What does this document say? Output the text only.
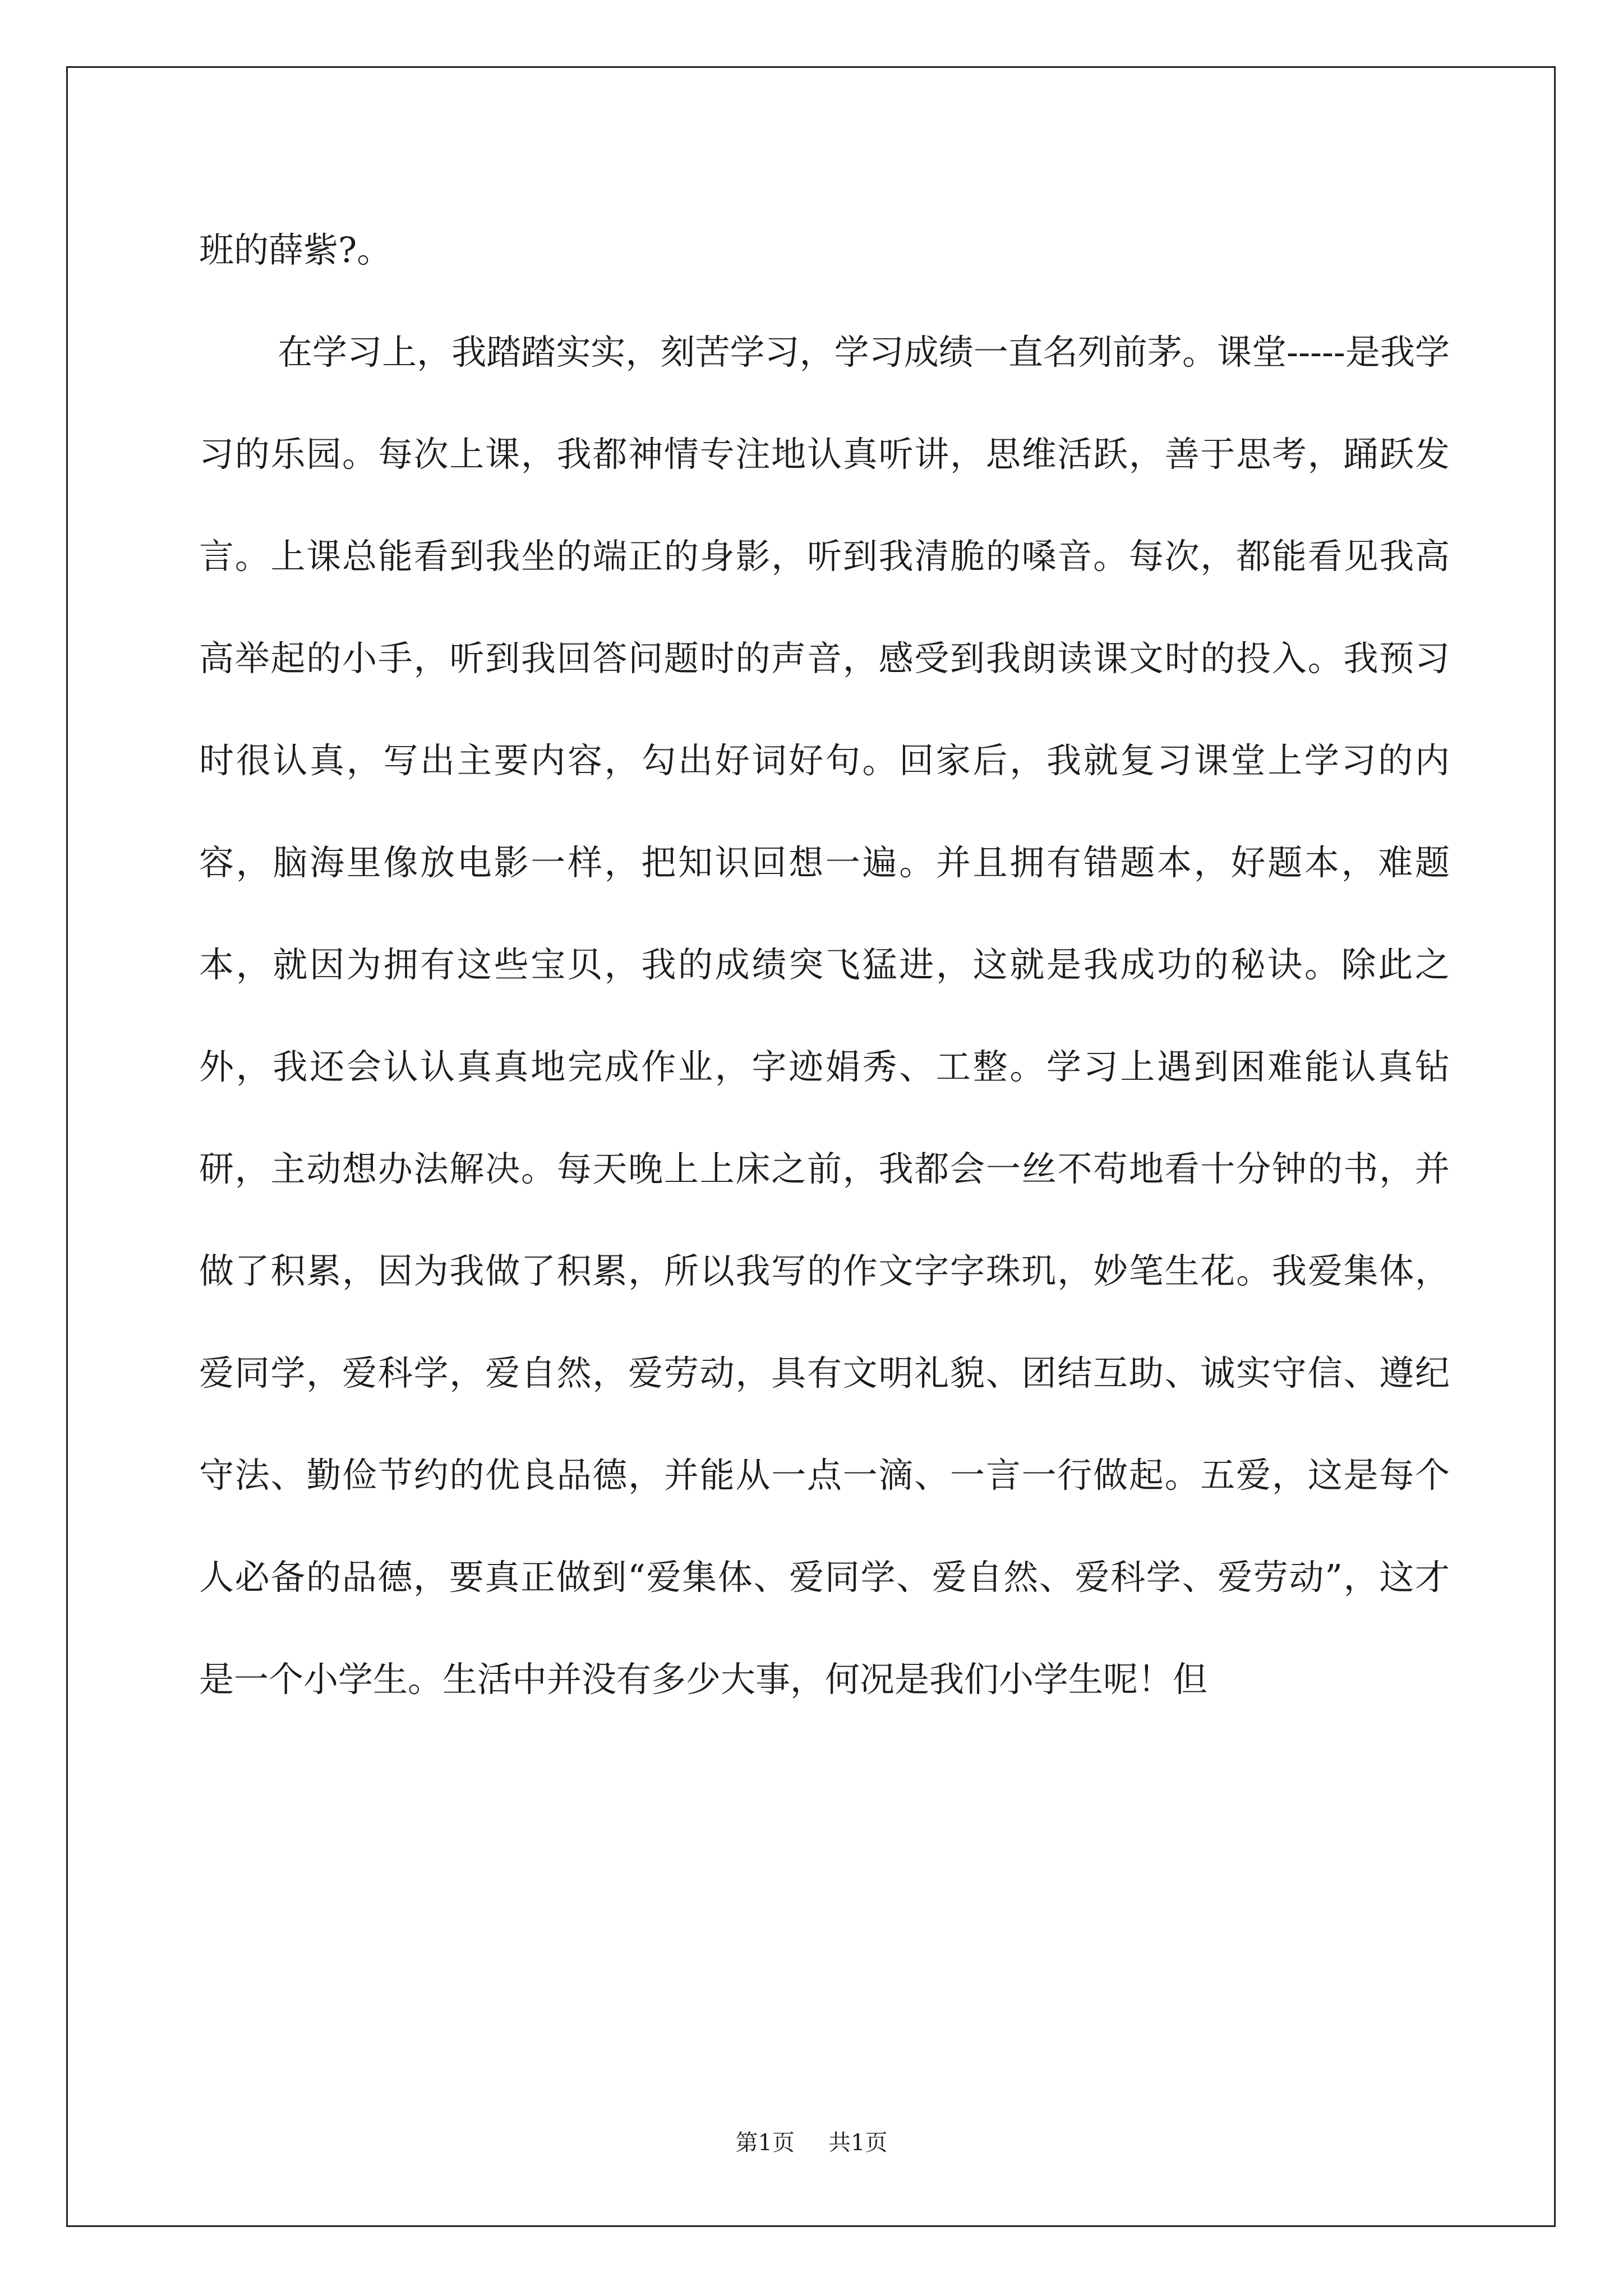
班的薛紫?。

在学习上，我踏踏实实，刻苦学习，学习成绩一直名列前茅。课堂-----是我学习的乐园。每次上课，我都神情专注地认真听讲，思维活跃，善于思考，踊跃发言。上课总能看到我坐的端正的身影，听到我清脆的嗓音。每次，都能看见我高高举起的小手，听到我回答问题时的声音，感受到我朗读课文时的投入。我预习时很认真，写出主要内容，勾出好词好句。回家后，我就复习课堂上学习的内容，脑海里像放电影一样，把知识回想一遍。并且拥有错题本，好题本，难题本，就因为拥有这些宝贝，我的成绩突飞猛进，这就是我成功的秘诀。除此之外，我还会认认真真地完成作业，字迹娟秀、工整。学习上遇到困难能认真钻研，主动想办法解决。每天晚上上床之前，我都会一丝不苟地看十分钟的书，并做了积累，因为我做了积累，所以我写的作文字字珠玑，妙笔生花。我爱集体，爱同学，爱科学，爱自然，爱劳动，具有文明礼貌、团结互助、诚实守信、遵纪守法、勤俭节约的优良品德，并能从一点一滴、一言一行做起。五爱，这是每个人必备的品德，要真正做到“爱集体、爱同学、爱自然、爱科学、爱劳动”，这才是一个小学生。生活中并没有多少大事，何况是我们小学生呢！但

第1页 共1页
